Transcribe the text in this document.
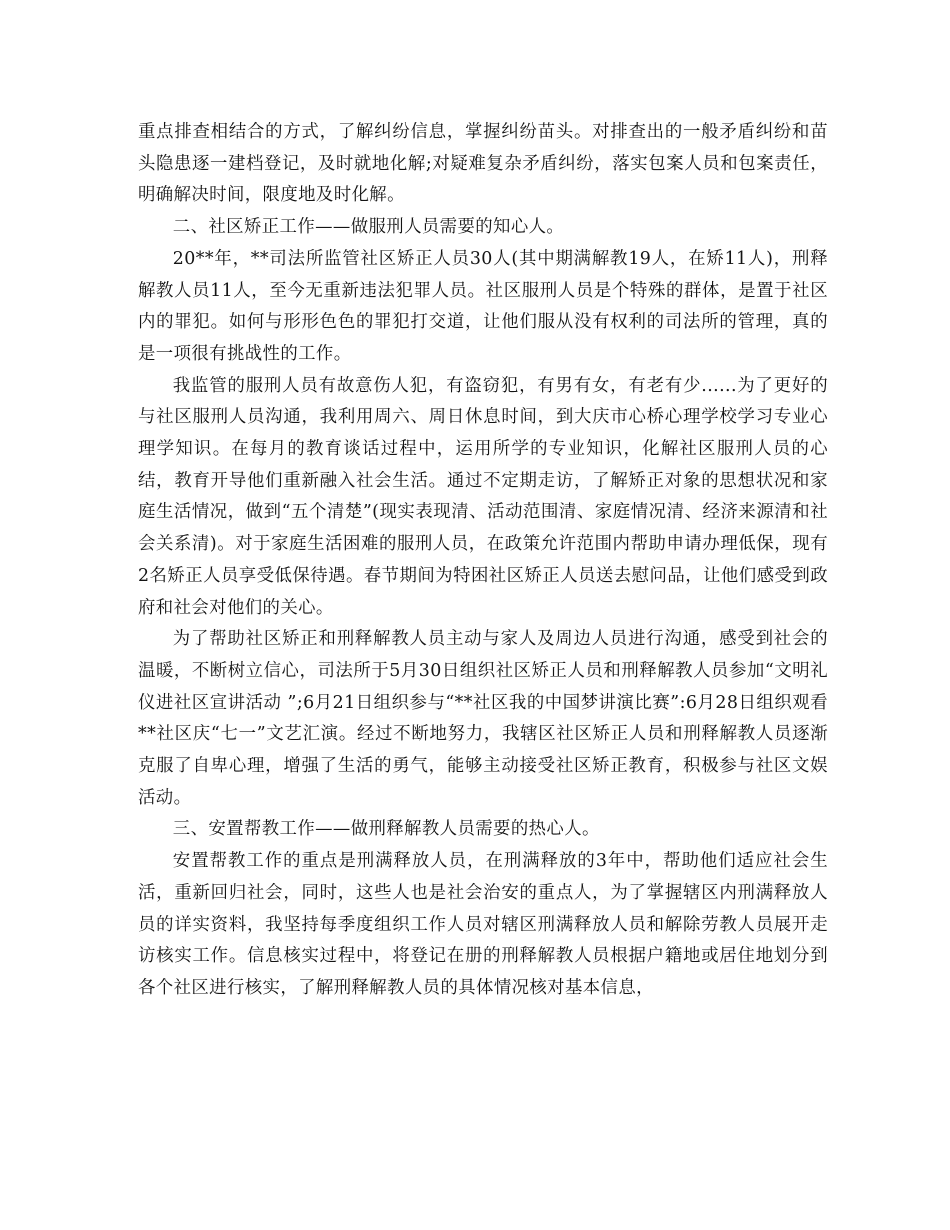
重点排查相结合的方式，了解纠纷信息，掌握纠纷苗头。对排查出的一般矛盾纠纷和苗头隐患逐一建档登记，及时就地化解;对疑难复杂矛盾纠纷，落实包案人员和包案责任，明确解决时间，限度地及时化解。

二、社区矫正工作——做服刑人员需要的知心人。

20**年，**司法所监管社区矫正人员30人(其中期满解教19人，在矫11人)，刑释解教人员11人，至今无重新违法犯罪人员。社区服刑人员是个特殊的群体，是置于社区内的罪犯。如何与形形色色的罪犯打交道，让他们服从没有权利的司法所的管理，真的是一项很有挑战性的工作。

我监管的服刑人员有故意伤人犯，有盗窃犯，有男有女，有老有少......为了更好的与社区服刑人员沟通，我利用周六、周日休息时间，到大庆市心桥心理学校学习专业心理学知识。在每月的教育谈话过程中，运用所学的专业知识，化解社区服刑人员的心结，教育开导他们重新融入社会生活。通过不定期走访，了解矫正对象的思想状况和家庭生活情况，做到“五个清楚”(现实表现清、活动范围清、家庭情况清、经济来源清和社会关系清)。对于家庭生活困难的服刑人员，在政策允许范围内帮助申请办理低保，现有2名矫正人员享受低保待遇。春节期间为特困社区矫正人员送去慰问品，让他们感受到政府和社会对他们的关心。

为了帮助社区矫正和刑释解教人员主动与家人及周边人员进行沟通，感受到社会的温暖，不断树立信心，司法所于5月30日组织社区矫正人员和刑释解教人员参加“文明礼仪进社区宣讲活动 ”;6月21日组织参与“**社区我的中国梦讲演比赛”:6月28日组织观看**社区庆“七一”文艺汇演。经过不断地努力，我辖区社区矫正人员和刑释解教人员逐渐克服了自卑心理，增强了生活的勇气，能够主动接受社区矫正教育，积极参与社区文娱活动。

三、安置帮教工作——做刑释解教人员需要的热心人。

安置帮教工作的重点是刑满释放人员，在刑满释放的3年中，帮助他们适应社会生活，重新回归社会，同时，这些人也是社会治安的重点人，为了掌握辖区内刑满释放人员的详实资料，我坚持每季度组织工作人员对辖区刑满释放人员和解除劳教人员展开走访核实工作。信息核实过程中，将登记在册的刑释解教人员根据户籍地或居住地划分到各个社区进行核实，了解刑释解教人员的具体情况核对基本信息，
